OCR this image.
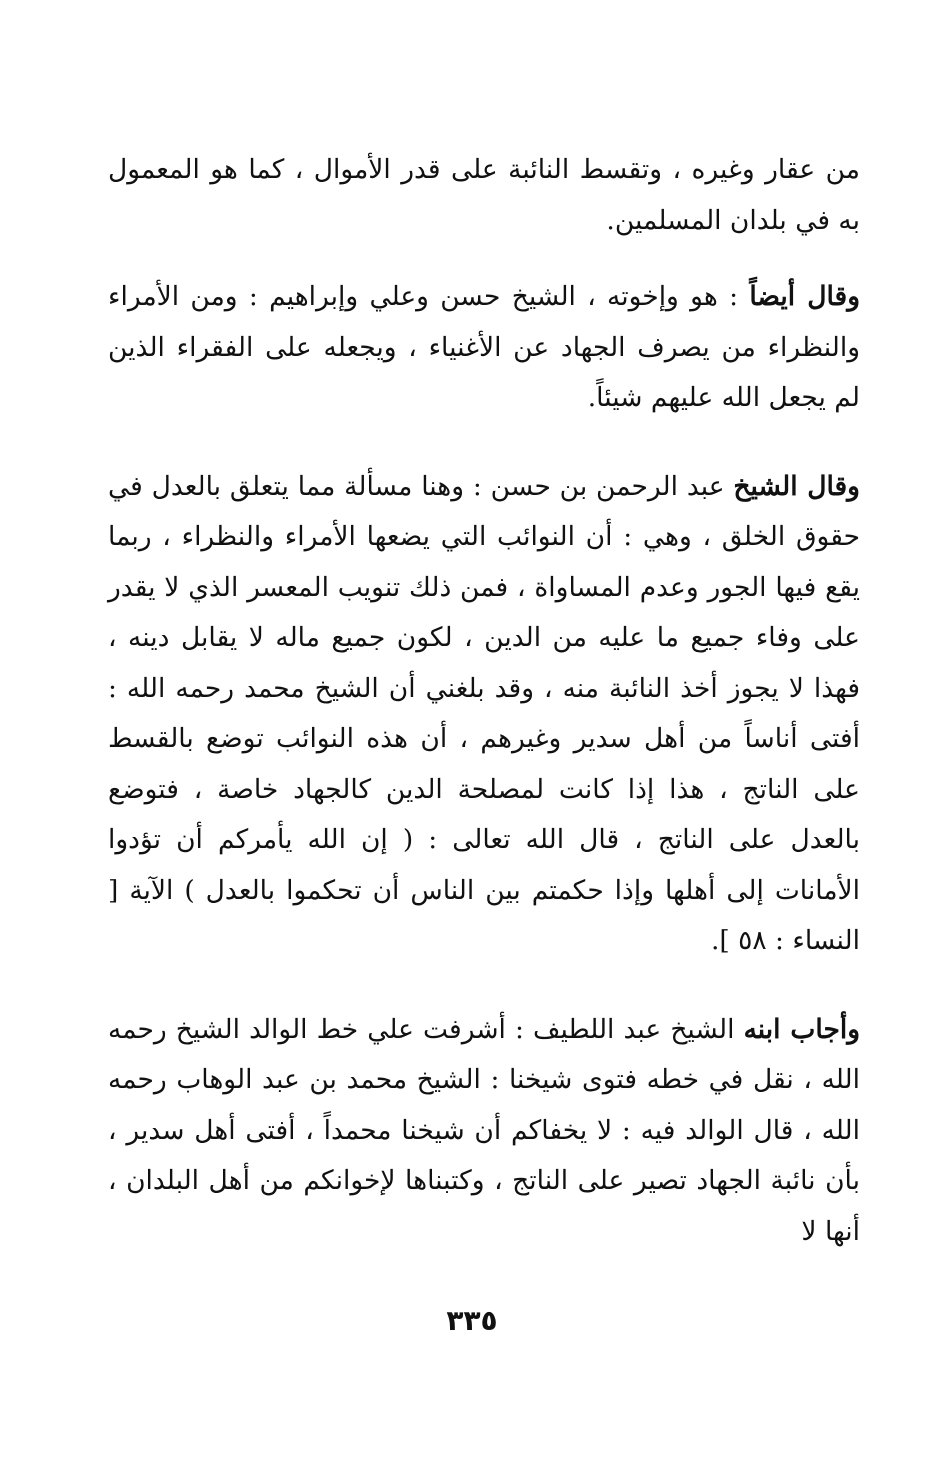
من عقار وغيره ، وتقسط النائبة على قدر الأموال ، كما هو المعمول به في بلدان المسلمين.

وقال أيضاً : هو وإخوته ، الشيخ حسن وعلي وإبراهيم : ومن الأمراء والنظراء من يصرف الجهاد عن الأغنياء ، ويجعله على الفقراء الذين لم يجعل الله عليهم شيئاً.

وقال الشيخ عبد الرحمن بن حسن : وهنا مسألة مما يتعلق بالعدل في حقوق الخلق ، وهي : أن النوائب التي يضعها الأمراء والنظراء ، ربما يقع فيها الجور وعدم المساواة ، فمن ذلك تنويب المعسر الذي لا يقدر على وفاء جميع ما عليه من الدين ، لكون جميع ماله لا يقابل دينه ، فهذا لا يجوز أخذ النائبة منه ، وقد بلغني أن الشيخ محمد رحمه الله : أفتى أناساً من أهل سدير وغيرهم ، أن هذه النوائب توضع بالقسط على الناتج ، هذا إذا كانت لمصلحة الدين كالجهاد خاصة ، فتوضع بالعدل على الناتج ، قال الله تعالى : ( إن الله يأمركم أن تؤدوا الأمانات إلى أهلها وإذا حكمتم بين الناس أن تحكموا بالعدل ) الآية [ النساء : ٥٨ ].

وأجاب ابنه الشيخ عبد اللطيف : أشرفت علي خط الوالد الشيخ رحمه الله ، نقل في خطه فتوى شيخنا : الشيخ محمد بن عبد الوهاب رحمه الله ، قال الوالد فيه : لا يخفاكم أن شيخنا محمداً ، أفتى أهل سدير ، بأن نائبة الجهاد تصير على الناتج ، وكتبناها لإخوانكم من أهل البلدان ، أنها لا

٣٣٥
